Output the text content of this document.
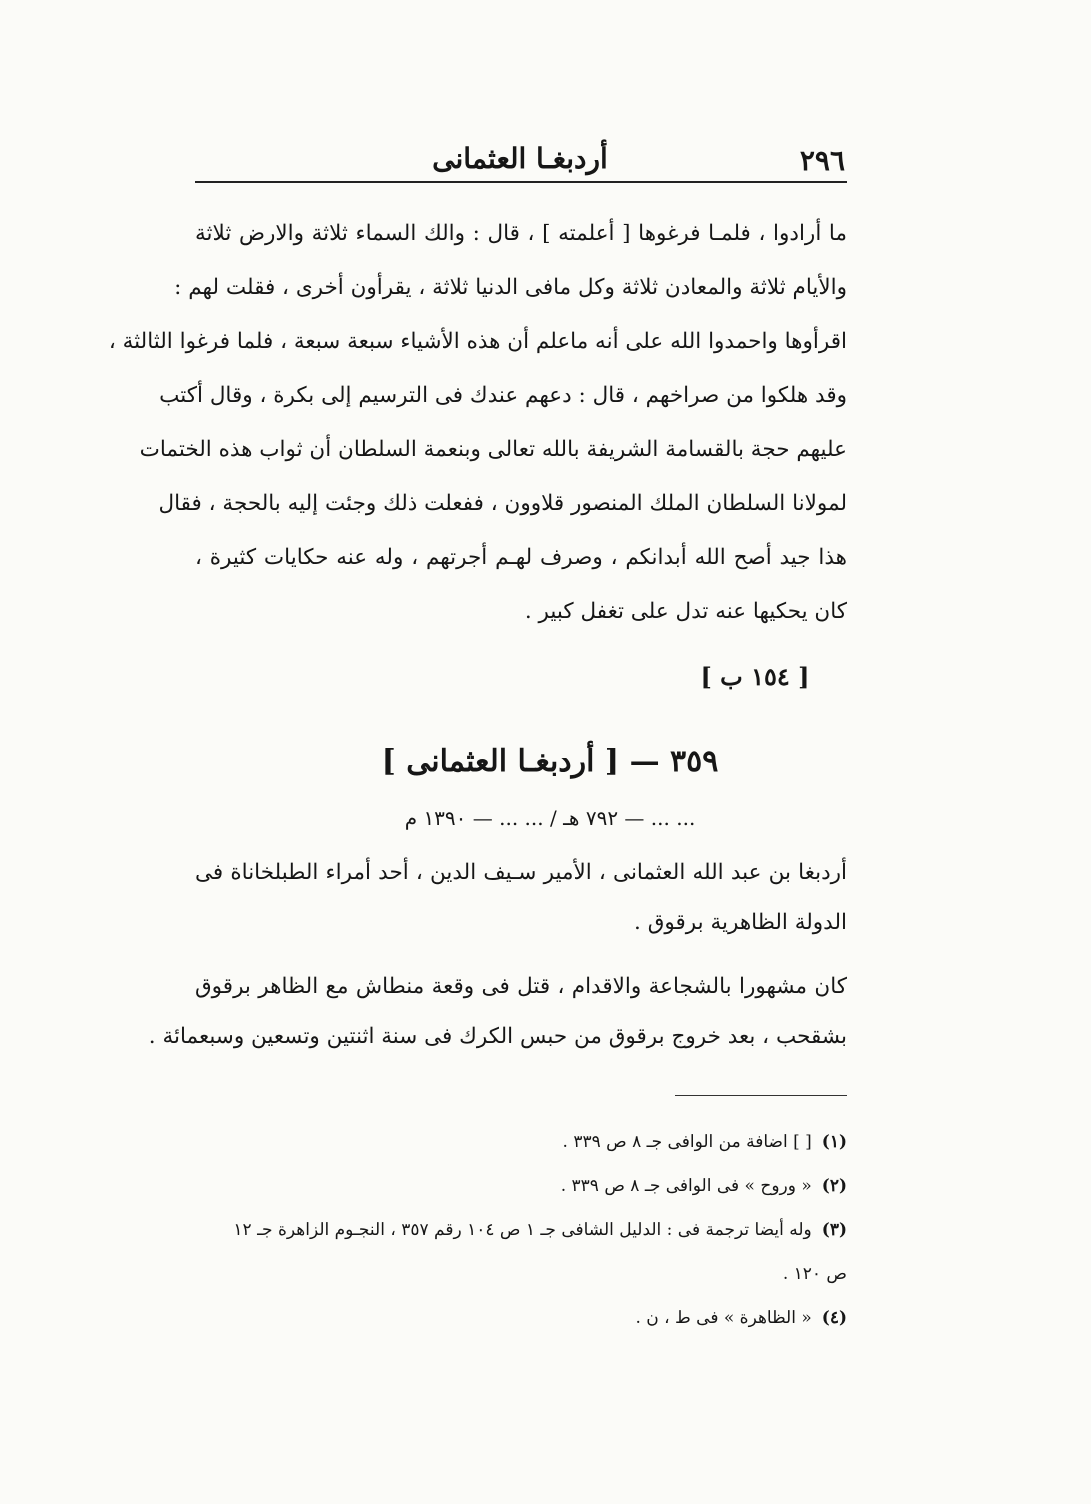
٢٩٦
أردبغـا العثمانى
ما أرادوا ، فلمـا فرغوها [ أعلمته ] ، قال : والك السماء ثلاثة والارض ثلاثة
والأيام ثلاثة والمعادن ثلاثة وكل مافى الدنيا ثلاثة ، يقرأون أخرى ، فقلت لهم :
اقرأوها واحمدوا الله على أنه ماعلم أن هذه الأشياء سبعة سبعة ، فلما فرغوا الثالثة ،
وقد هلكوا من صراخهم ، قال : دعهم عندك فى الترسيم إلى بكرة ، وقال أكتب
عليهم حجة بالقسامة الشريفة بالله تعالى وبنعمة السلطان أن ثواب هذه الختمات
لمولانا السلطان الملك المنصور قلاوون ، ففعلت ذلك وجئت إليه بالحجة ، فقال
هذا جيد أصح الله أبدانكم ، وصرف لهـم أجرتهم ، وله عنه حكايات كثيرة ،
كان يحكيها عنه تدل على تغفل كبير .
[ ١٥٤ ب ]
٣٥٩ — [ أردبغـا العثمانى ]
... ... — ٧٩٢ هـ / ... ... — ١٣٩٠ م
أردبغا بن عبد الله العثمانى ، الأمير سـيف الدين ، أحد أمراء الطبلخاناة فى
الدولة الظاهرية برقوق .
كان مشهورا بالشجاعة والاقدام ، قتل فى وقعة منطاش مع الظاهر برقوق
بشقحب ، بعد خروج برقوق من حبس الكرك فى سنة اثنتين وتسعين وسبعمائة .
(١)[ ] اضافة من الوافى جـ ٨ ص ٣٣٩ .
(٢)« وروح » فى الوافى جـ ٨ ص ٣٣٩ .
(٣)وله أيضا ترجمة فى : الدليل الشافى جـ ١ ص ١٠٤ رقم ٣٥٧ ، النجـوم الزاهرة جـ ١٢
ص ١٢٠ .
(٤)« الظاهرة » فى ط ، ن .
